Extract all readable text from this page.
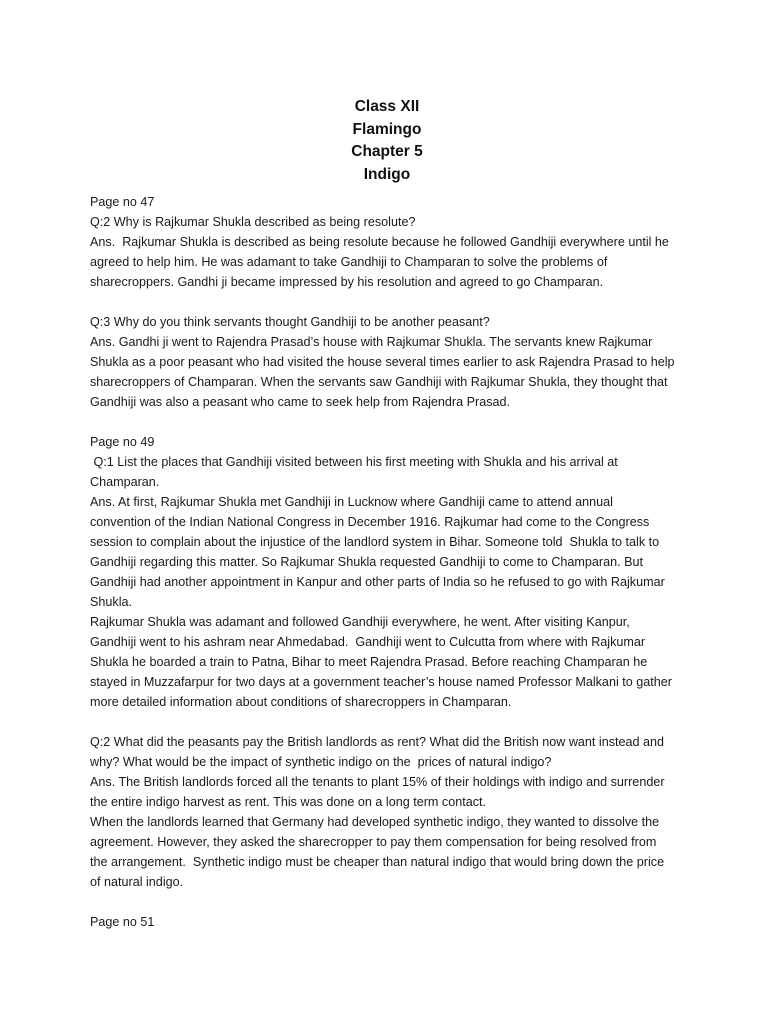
Class XII
Flamingo
Chapter 5
Indigo
Page no 47
Q:2 Why is Rajkumar Shukla described as being resolute?
Ans.  Rajkumar Shukla is described as being resolute because he followed Gandhiji everywhere until he
agreed to help him. He was adamant to take Gandhiji to Champaran to solve the problems of
sharecroppers. Gandhi ji became impressed by his resolution and agreed to go Champaran.
Q:3 Why do you think servants thought Gandhiji to be another peasant?
Ans. Gandhi ji went to Rajendra Prasad’s house with Rajkumar Shukla. The servants knew Rajkumar
Shukla as a poor peasant who had visited the house several times earlier to ask Rajendra Prasad to help
sharecroppers of Champaran. When the servants saw Gandhiji with Rajkumar Shukla, they thought that
Gandhiji was also a peasant who came to seek help from Rajendra Prasad.
Page no 49
Q:1 List the places that Gandhiji visited between his first meeting with Shukla and his arrival at
Champaran.
Ans. At first, Rajkumar Shukla met Gandhiji in Lucknow where Gandhiji came to attend annual
convention of the Indian National Congress in December 1916. Rajkumar had come to the Congress
session to complain about the injustice of the landlord system in Bihar. Someone told  Shukla to talk to
Gandhiji regarding this matter. So Rajkumar Shukla requested Gandhiji to come to Champaran. But
Gandhiji had another appointment in Kanpur and other parts of India so he refused to go with Rajkumar
Shukla.
Rajkumar Shukla was adamant and followed Gandhiji everywhere, he went. After visiting Kanpur,
Gandhiji went to his ashram near Ahmedabad.  Gandhiji went to Culcutta from where with Rajkumar
Shukla he boarded a train to Patna, Bihar to meet Rajendra Prasad. Before reaching Champaran he
stayed in Muzzafarpur for two days at a government teacher’s house named Professor Malkani to gather
more detailed information about conditions of sharecroppers in Champaran.
Q:2 What did the peasants pay the British landlords as rent? What did the British now want instead and
why? What would be the impact of synthetic indigo on the  prices of natural indigo?
Ans. The British landlords forced all the tenants to plant 15% of their holdings with indigo and surrender
the entire indigo harvest as rent. This was done on a long term contact.
When the landlords learned that Germany had developed synthetic indigo, they wanted to dissolve the
agreement. However, they asked the sharecropper to pay them compensation for being resolved from
the arrangement.  Synthetic indigo must be cheaper than natural indigo that would bring down the price
of natural indigo.
Page no 51
